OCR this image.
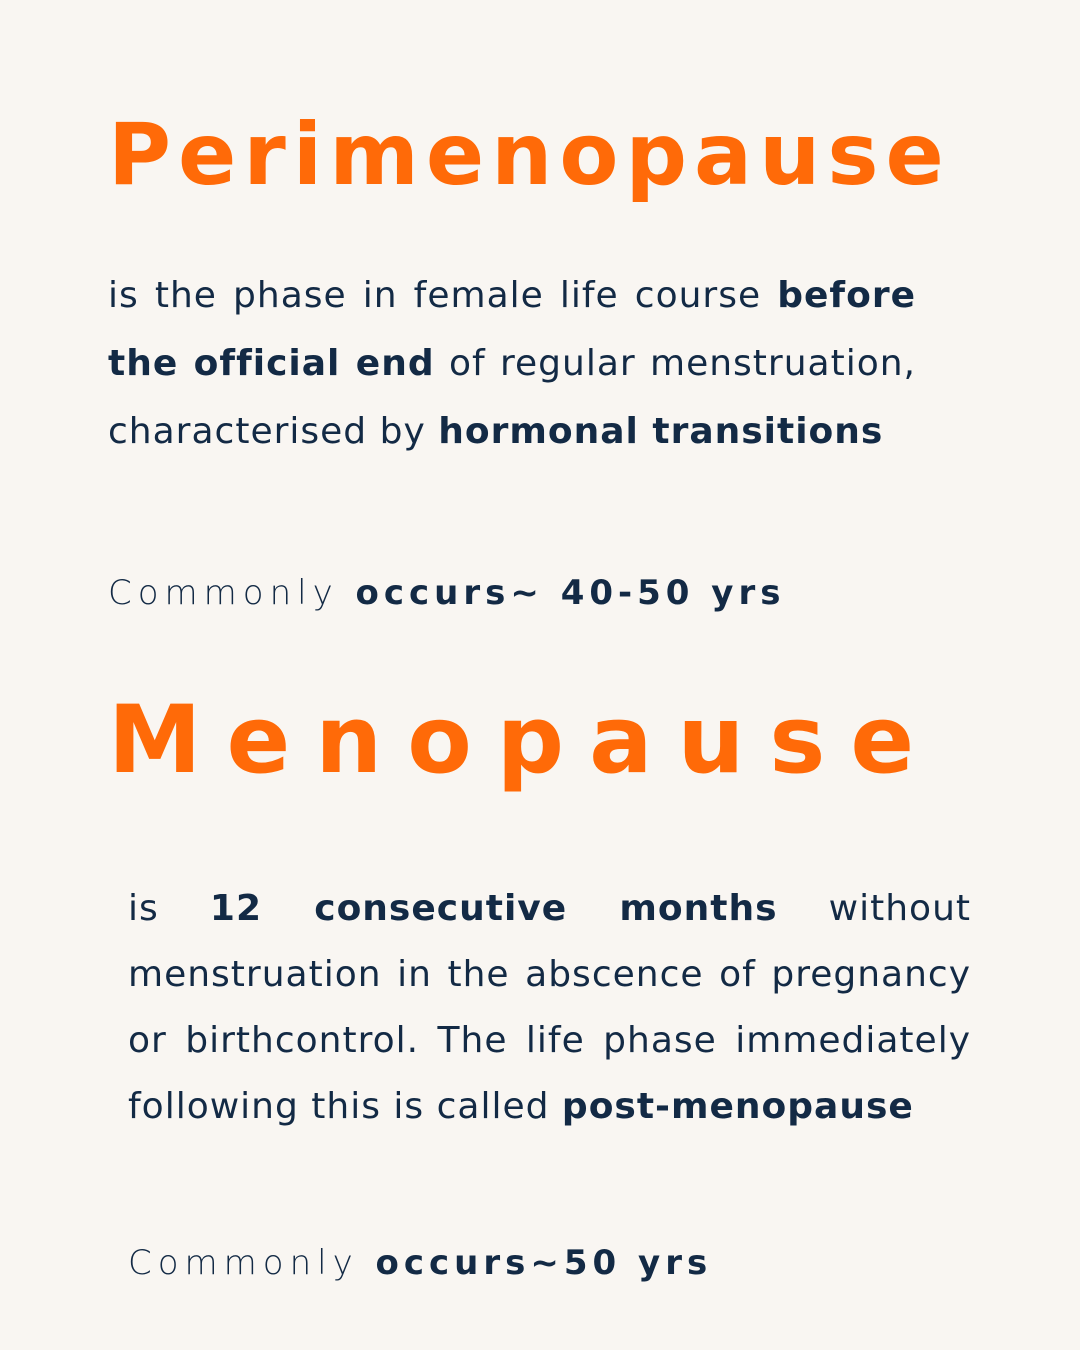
Perimenopause

is the phase in female life course before the official end of regular menstruation, characterised by hormonal transitions

Commonly occurs~ 40-50 yrs

Menopause

is 12 consecutive months without menstruation in the abscence of pregnancy or birthcontrol. The life phase immediately following this is called post-menopause

Commonly occurs~50 yrs
